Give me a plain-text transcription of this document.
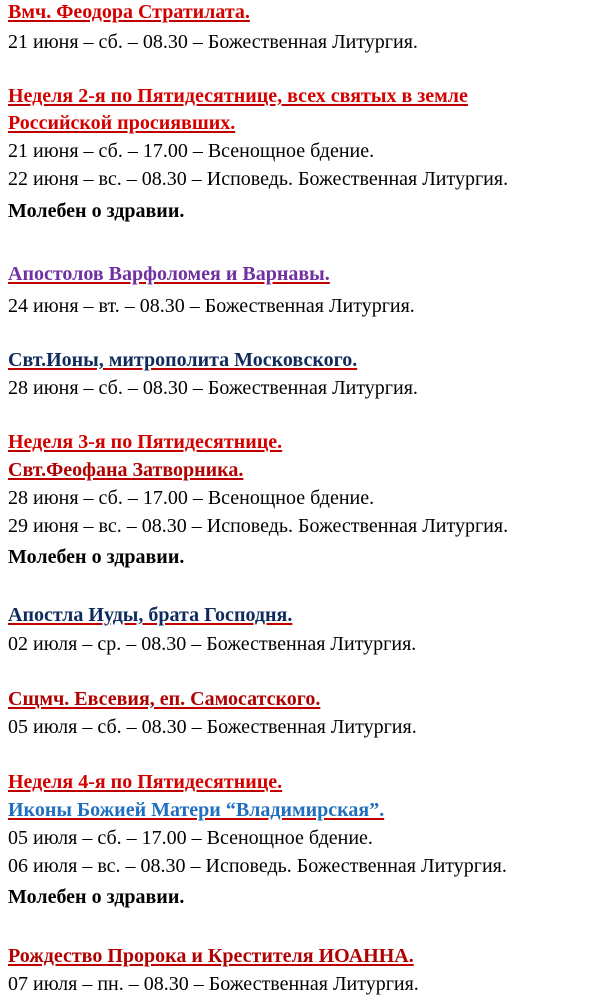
Вмч. Феодора Стратилата.
21 июня – сб. – 08.30 – Божественная Литургия.
Неделя 2-я по Пятидесятнице, всех святых в земле
Российской просиявших.
21 июня – сб. – 17.00 – Всенощное бдение.
22 июня – вс. – 08.30 – Исповедь. Божественная Литургия.
Молебен о здравии.
Апостолов Варфоломея и Варнавы.
24 июня – вт. – 08.30 – Божественная Литургия.
Свт.Ионы, митрополита Московского.
28 июня – сб. – 08.30 – Божественная Литургия.
Неделя 3-я по Пятидесятнице.
Свт.Феофана Затворника.
28 июня – сб. – 17.00 – Всенощное бдение.
29 июня – вс. – 08.30 – Исповедь. Божественная Литургия.
Молебен о здравии.
Апостла Иуды, брата Господня.
02 июля – ср. – 08.30 – Божественная Литургия.
Сщмч. Евсевия, еп. Самосатского.
05 июля – сб. – 08.30 – Божественная Литургия.
Неделя 4-я по Пятидесятнице.
Иконы Божией Матери “Владимирская”.
05 июля – сб. – 17.00 – Всенощное бдение.
06 июля – вс. – 08.30 – Исповедь. Божественная Литургия.
Молебен о здравии.
Рождество Пророка и Крестителя ИОАННА.
07 июля – пн. – 08.30 – Божественная Литургия.
